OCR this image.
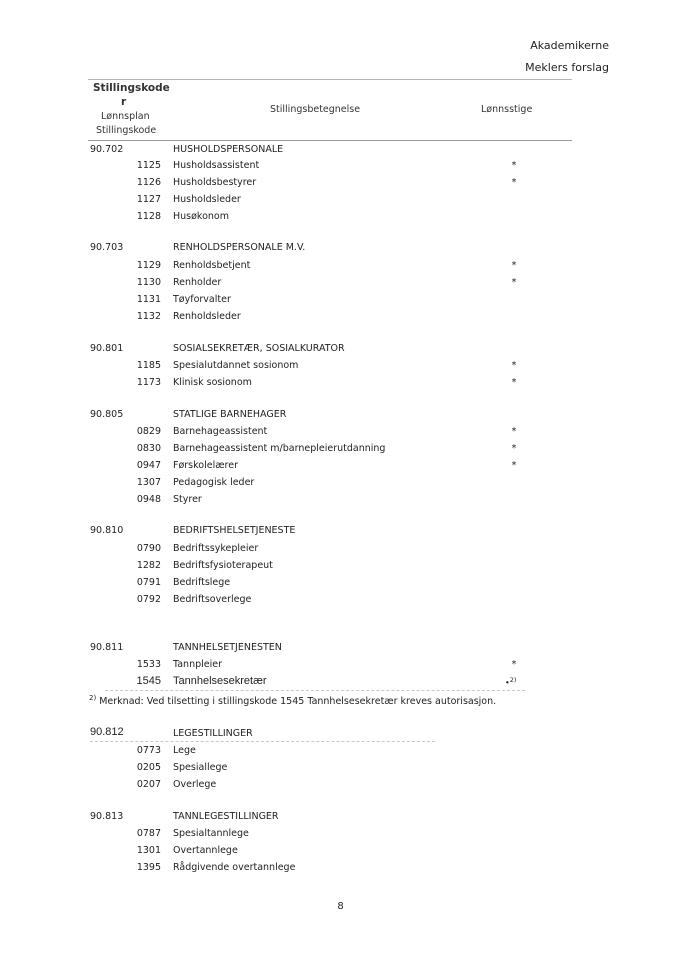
Akademikerne
Meklers forslag
Stillingskode
r
Lønnsplan
Stillingskode
Stillingsbetegnelse	Lønnsstige
90.702	HUSHOLDSPERSONALE
1125 Husholdsassistent	*
1126 Husholdsbestyrer	*
1127 Husholdsleder
1128 Husøkonom
90.703	RENHOLDSPERSONALE M.V.
1129 Renholdsbetjent	*
1130 Renholder	*
1131 Tøyforvalter
1132 Renholdsleder
90.801	SOSIALSEKRETÆR, SOSIALKURATOR
1185 Spesialutdannet sosionom	*
1173 Klinisk sosionom	*
90.805	STATLIGE BARNEHAGER
0829 Barnehageassistent	*
0830 Barnehageassistent m/barnepleierutdanning	*
0947 Førskolelærer	*
1307 Pedagogisk leder
0948 Styrer
90.810	BEDRIFTSHELSETJENESTE
0790 Bedriftssykepleier
1282 Bedriftsfysioterapeut
0791 Bedriftslege
0792 Bedriftsoverlege
90.811	TANNHELSETJENESTEN
1533 Tannpleier	*
1545 Tannhelsesekretær	•$^{2)}$
$^{2)}$ Merknad: Ved tilsetting i stillingskode 1545 Tannhelsesekretær kreves autorisasjon.
90.812	LEGESTILLINGER
0773 Lege
0205 Spesiallege
0207 Overlege
90.813	TANNLEGESTILLINGER
0787 Spesialtannlege
1301 Overtannlege
1395 Rådgivende overtannlege
8
